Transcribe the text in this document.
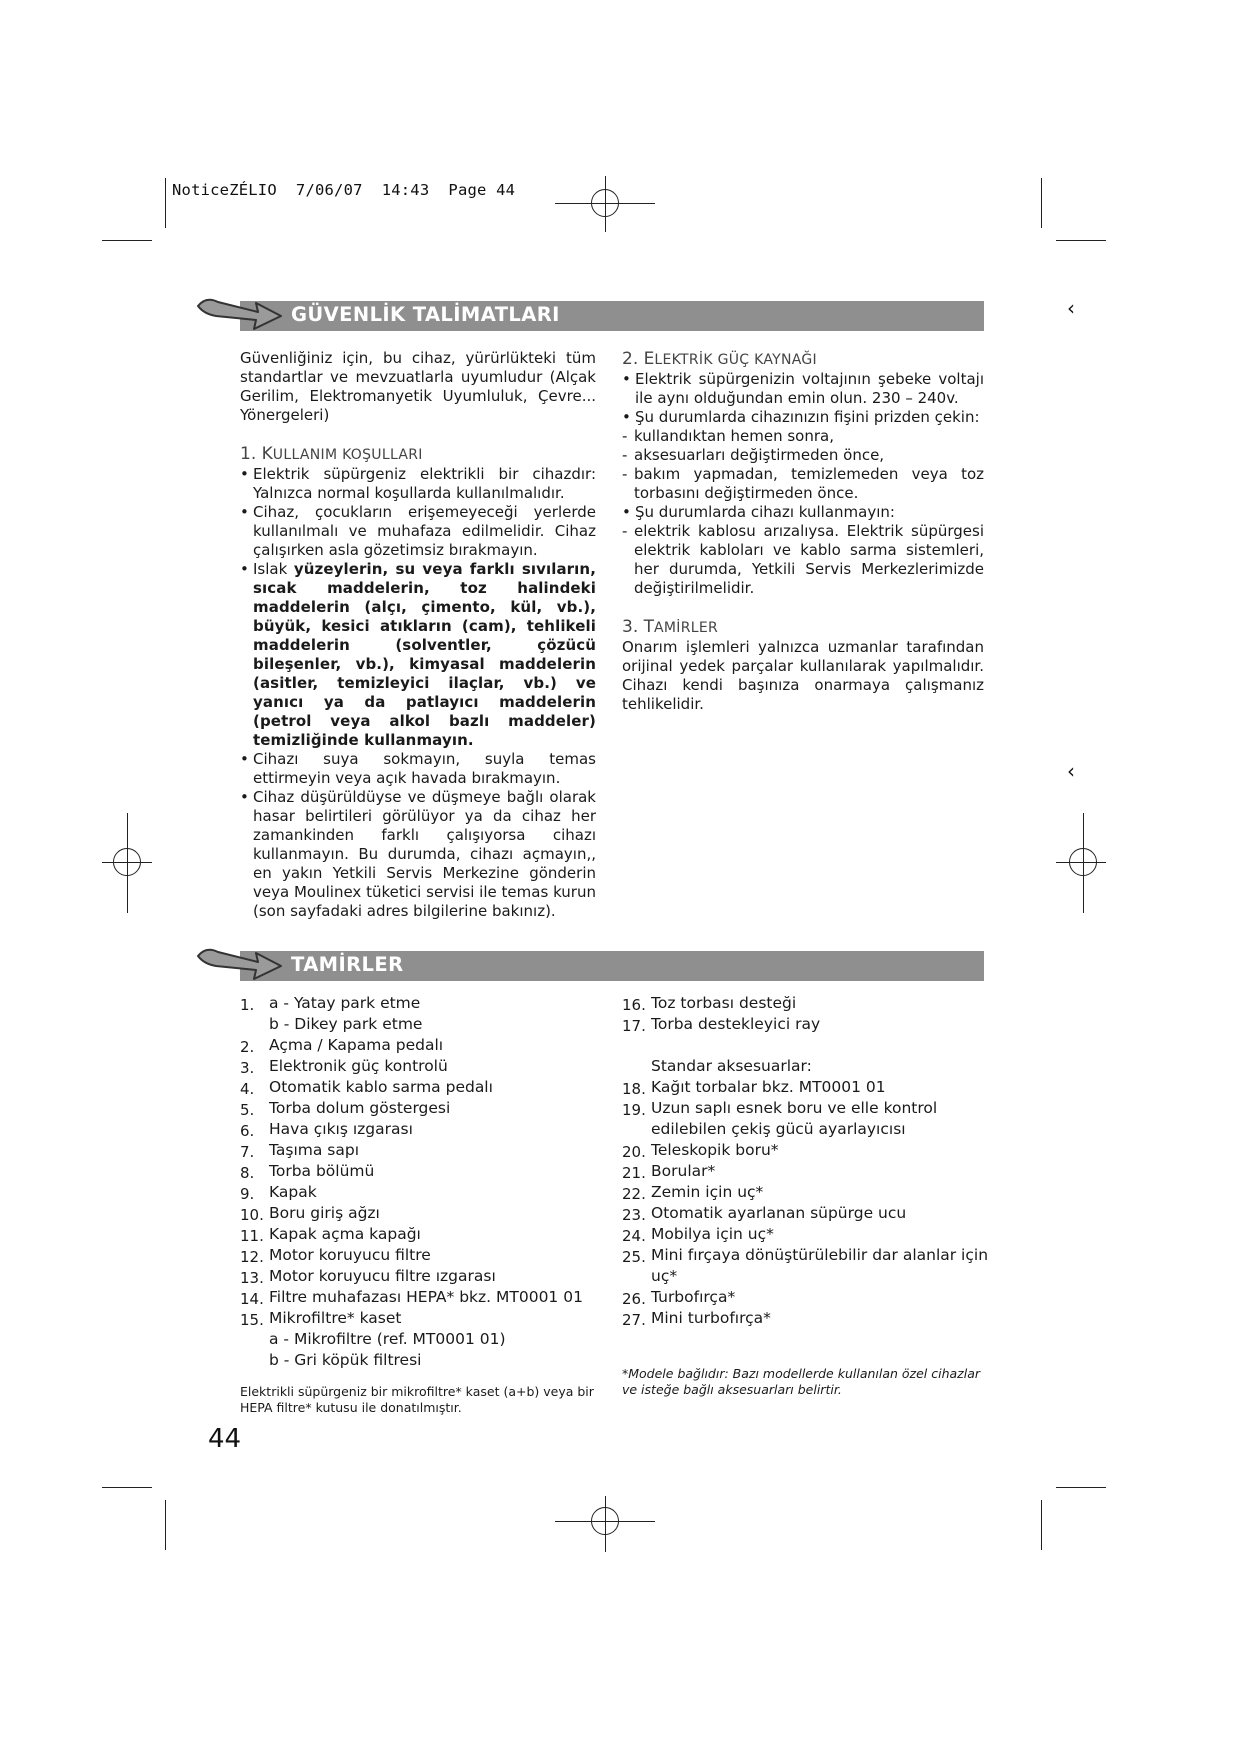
NoticeZÉLIO  7/06/07  14:43  Page 44
‹
‹
GÜVENLİK TALİMATLARI

Güvenliğiniz için, bu cihaz, yürürlükteki tüm standartlar ve mevzuatlarla uyumludur (Alçak Gerilim, Elektromanyetik Uyumluluk, Çevre... Yönergeleri)

1. KULLANIM KOŞULLARI

• Elektrik süpürgeniz elektrikli bir cihazdır: Yalnızca normal koşullarda kullanılmalıdır.

• Cihaz, çocukların erişemeyeceği yerlerde kullanılmalı ve muhafaza edilmelidir. Cihaz çalışırken asla gözetimsiz bırakmayın.

• Islak yüzeylerin, su veya farklı sıvıların, sıcak maddelerin, toz halindeki maddelerin (alçı, çimento, kül, vb.), büyük, kesici atıkların (cam), tehlikeli maddelerin (solventler, çözücü bileşenler, vb.), kimyasal maddelerin (asitler, temizleyici ilaçlar, vb.) ve yanıcı ya da patlayıcı maddelerin (petrol veya alkol bazlı maddeler) temizliğinde kullanmayın.

• Cihazı suya sokmayın, suyla temas ettirmeyin veya açık havada bırakmayın.

• Cihaz düşürüldüyse ve düşmeye bağlı olarak hasar belirtileri görülüyor ya da cihaz her zamankinden farklı çalışıyorsa cihazı kullanmayın. Bu durumda, cihazı açmayın,, en yakın Yetkili Servis Merkezine gönderin veya Moulinex tüketici servisi ile temas kurun (son sayfadaki adres bilgilerine bakınız).

2. ELEKTRİK GÜÇ KAYNAĞI

• Elektrik süpürgenizin voltajının şebeke voltajı ile aynı olduğundan emin olun. 230 – 240v.

• Şu durumlarda cihazınızın fişini prizden çekin:

- kullandıktan hemen sonra,

- aksesuarları değiştirmeden önce,

- bakım yapmadan, temizlemeden veya toz torbasını değiştirmeden önce.

• Şu durumlarda cihazı kullanmayın:

- elektrik kablosu arızalıysa. Elektrik süpürgesi elektrik kabloları ve kablo sarma sistemleri, her durumda, Yetkili Servis Merkezlerimizde değiştirilmelidir.

3. TAMİRLER

Onarım işlemleri yalnızca uzmanlar tarafından orijinal yedek parçalar kullanılarak yapılmalıdır. Cihazı kendi başınıza onarmaya çalışmanız tehlikelidir.

TAMİRLER

1. a - Yatay park etme

b - Dikey park etme

2. Açma / Kapama pedalı

3. Elektronik güç kontrolü

4. Otomatik kablo sarma pedalı

5. Torba dolum göstergesi

6. Hava çıkış ızgarası

7. Taşıma sapı

8. Torba bölümü

9. Kapak

10. Boru giriş ağzı

11. Kapak açma kapağı

12. Motor koruyucu filtre

13. Motor koruyucu filtre ızgarası

14. Filtre muhafazası HEPA* bkz. MT0001 01

15. Mikrofiltre* kaset

a - Mikrofiltre (ref. MT0001 01)

b - Gri köpük filtresi

Elektrikli süpürgeniz bir mikrofiltre* kaset (a+b) veya bir HEPA filtre* kutusu ile donatılmıştır.

16. Toz torbası desteği

17. Torba destekleyici ray

Standar aksesuarlar:

18. Kağıt torbalar bkz. MT0001 01

19. Uzun saplı esnek boru ve elle kontrol

edilebilen çekiş gücü ayarlayıcısı

20. Teleskopik boru*

21. Borular*

22. Zemin için uç*

23. Otomatik ayarlanan süpürge ucu

24. Mobilya için uç*

25. Mini fırçaya dönüştürülebilir dar alanlar için

uç*

26. Turbofırça*

27. Mini turbofırça*

*Modele bağlıdır: Bazı modellerde kullanılan özel cihazlar ve isteğe bağlı aksesuarları belirtir.

44
